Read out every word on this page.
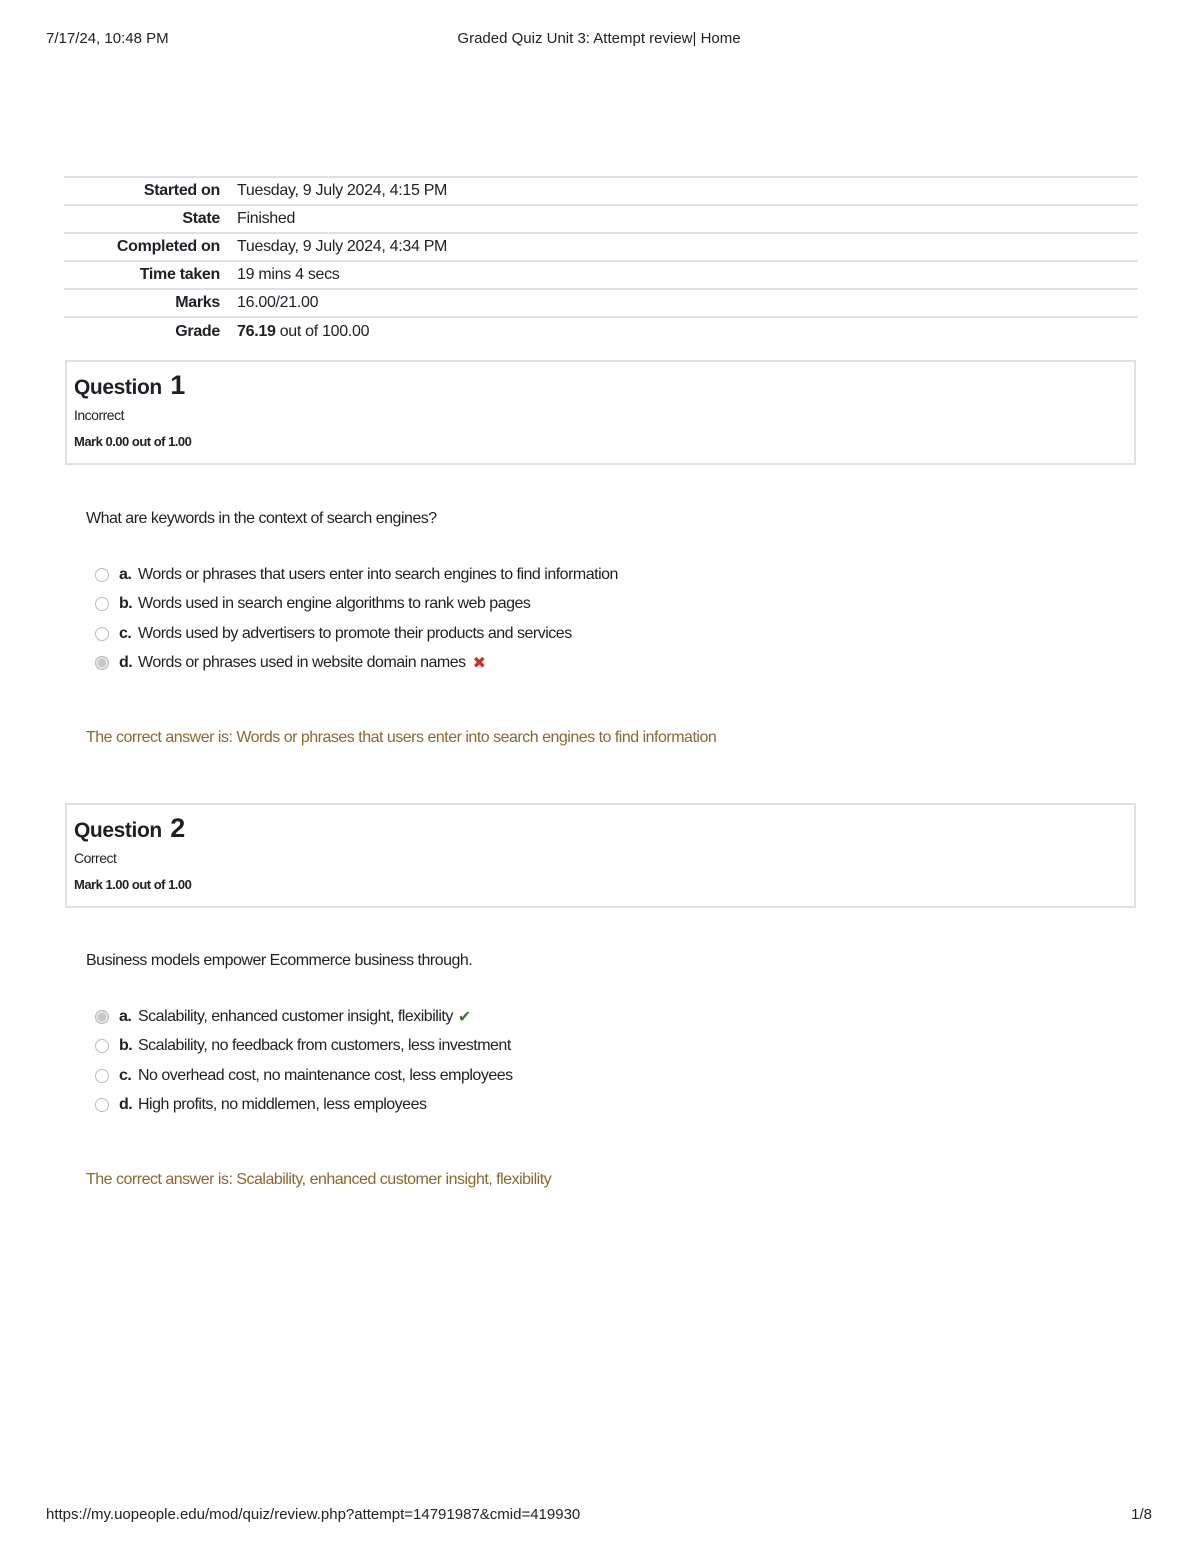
7/17/24, 10:48 PM	Graded Quiz Unit 3: Attempt review| Home
Started on	Tuesday, 9 July 2024, 4:15 PM
State	Finished
Completed on	Tuesday, 9 July 2024, 4:34 PM
Time taken	19 mins 4 secs
Marks	16.00/21.00
Grade	76.19 out of 100.00
Question 1
Incorrect
Mark 0.00 out of 1.00
What are keywords in the context of search engines?
a. Words or phrases that users enter into search engines to find information
b. Words used in search engine algorithms to rank web pages
c. Words used by advertisers to promote their products and services
d. Words or phrases used in website domain names ✖
The correct answer is: Words or phrases that users enter into search engines to find information
Question 2
Correct
Mark 1.00 out of 1.00
Business models empower Ecommerce business through.
a. Scalability, enhanced customer insight, flexibility ✔
b. Scalability, no feedback from customers, less investment
c. No overhead cost, no maintenance cost, less employees
d. High profits, no middlemen, less employees
The correct answer is: Scalability, enhanced customer insight, flexibility
https://my.uopeople.edu/mod/quiz/review.php?attempt=14791987&cmid=419930	1/8
